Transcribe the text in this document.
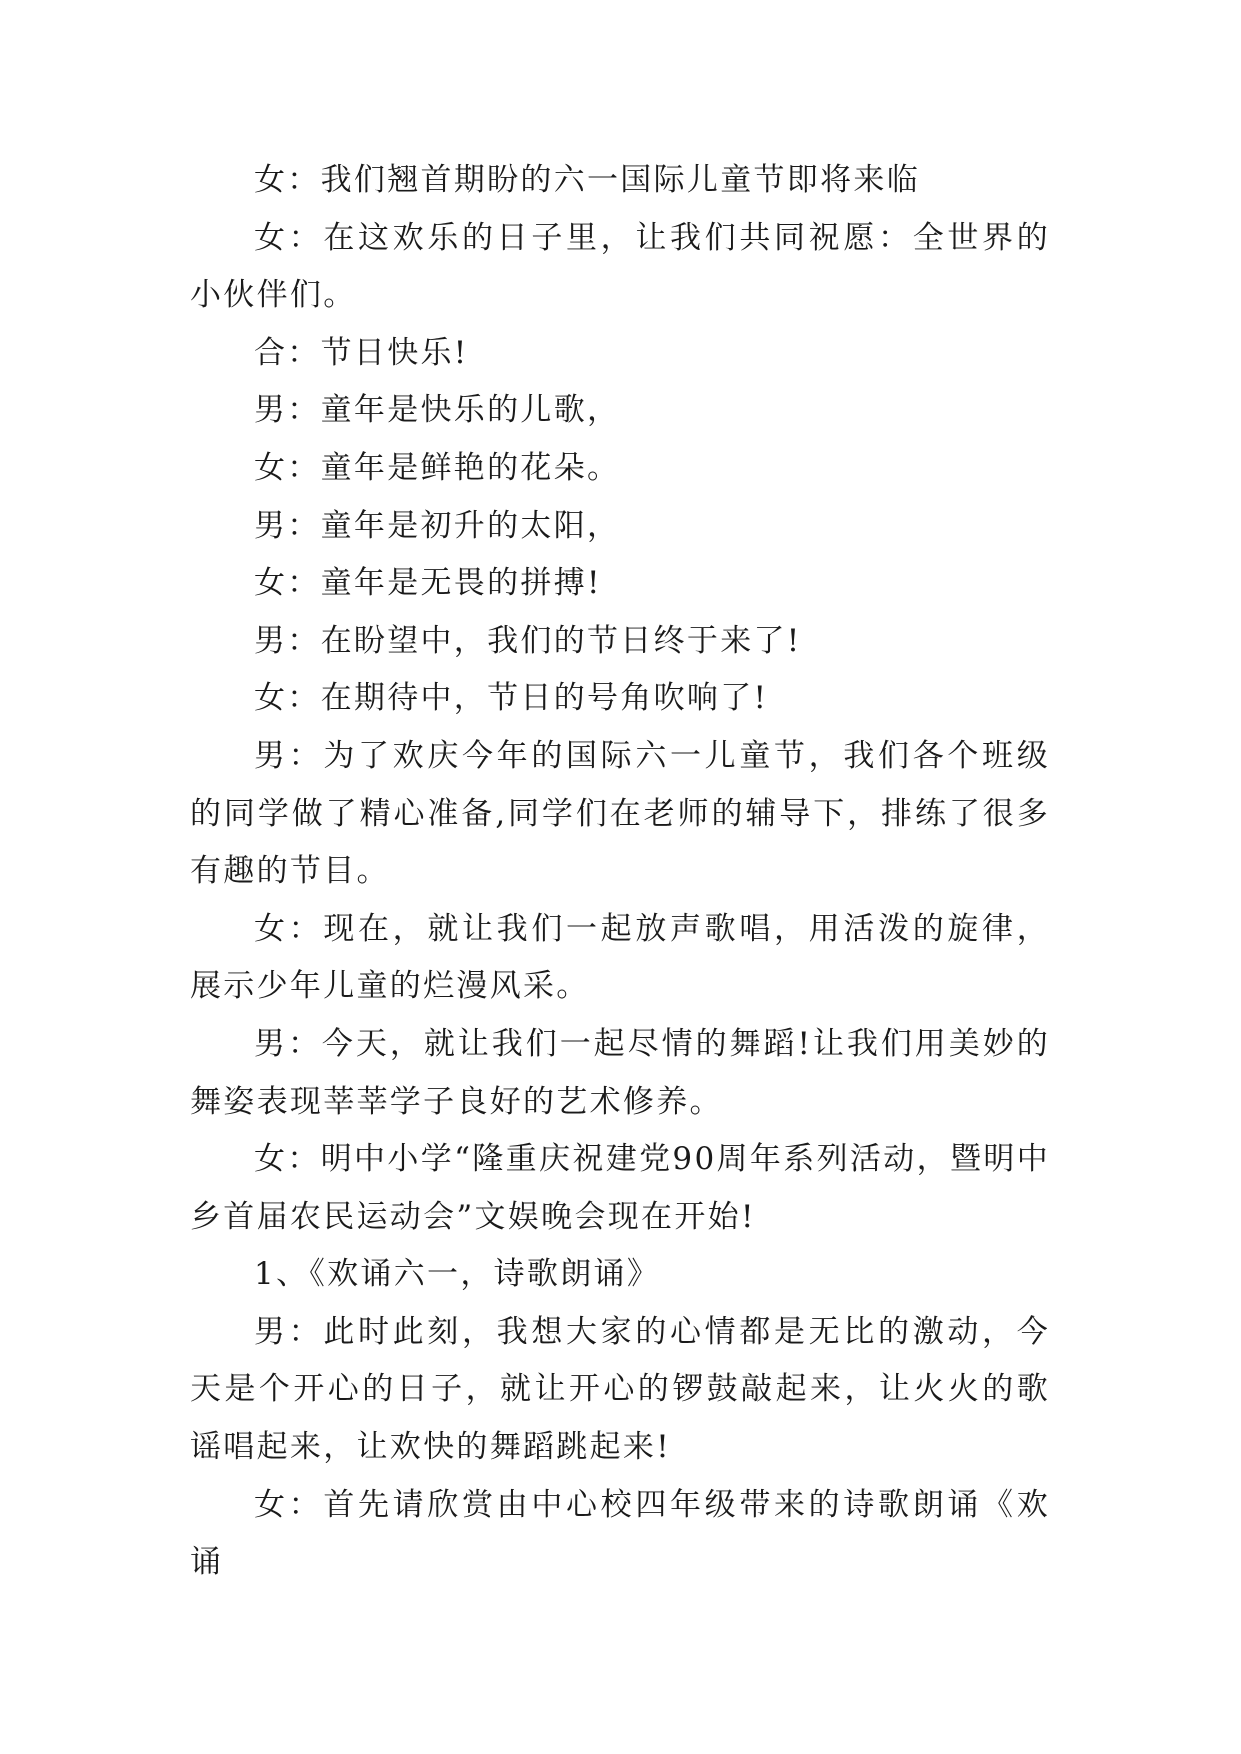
女：我们翘首期盼的六一国际儿童节即将来临

女：在这欢乐的日子里，让我们共同祝愿：全世界的小伙伴们。

合：节日快乐!

男：童年是快乐的儿歌，

女：童年是鲜艳的花朵。

男：童年是初升的太阳，

女：童年是无畏的拼搏!

男：在盼望中，我们的节日终于来了!

女：在期待中，节日的号角吹响了!

男：为了欢庆今年的国际六一儿童节，我们各个班级的同学做了精心准备,同学们在老师的辅导下，排练了很多有趣的节目。

女：现在，就让我们一起放声歌唱，用活泼的旋律，展示少年儿童的烂漫风采。

男：今天，就让我们一起尽情的舞蹈!让我们用美妙的舞姿表现莘莘学子良好的艺术修养。

女：明中小学“隆重庆祝建党90周年系列活动，暨明中乡首届农民运动会”文娱晚会现在开始!

1、《欢诵六一，诗歌朗诵》

男：此时此刻，我想大家的心情都是无比的激动，今天是个开心的日子，就让开心的锣鼓敲起来，让火火的歌谣唱起来，让欢快的舞蹈跳起来!

女：首先请欣赏由中心校四年级带来的诗歌朗诵《欢诵
